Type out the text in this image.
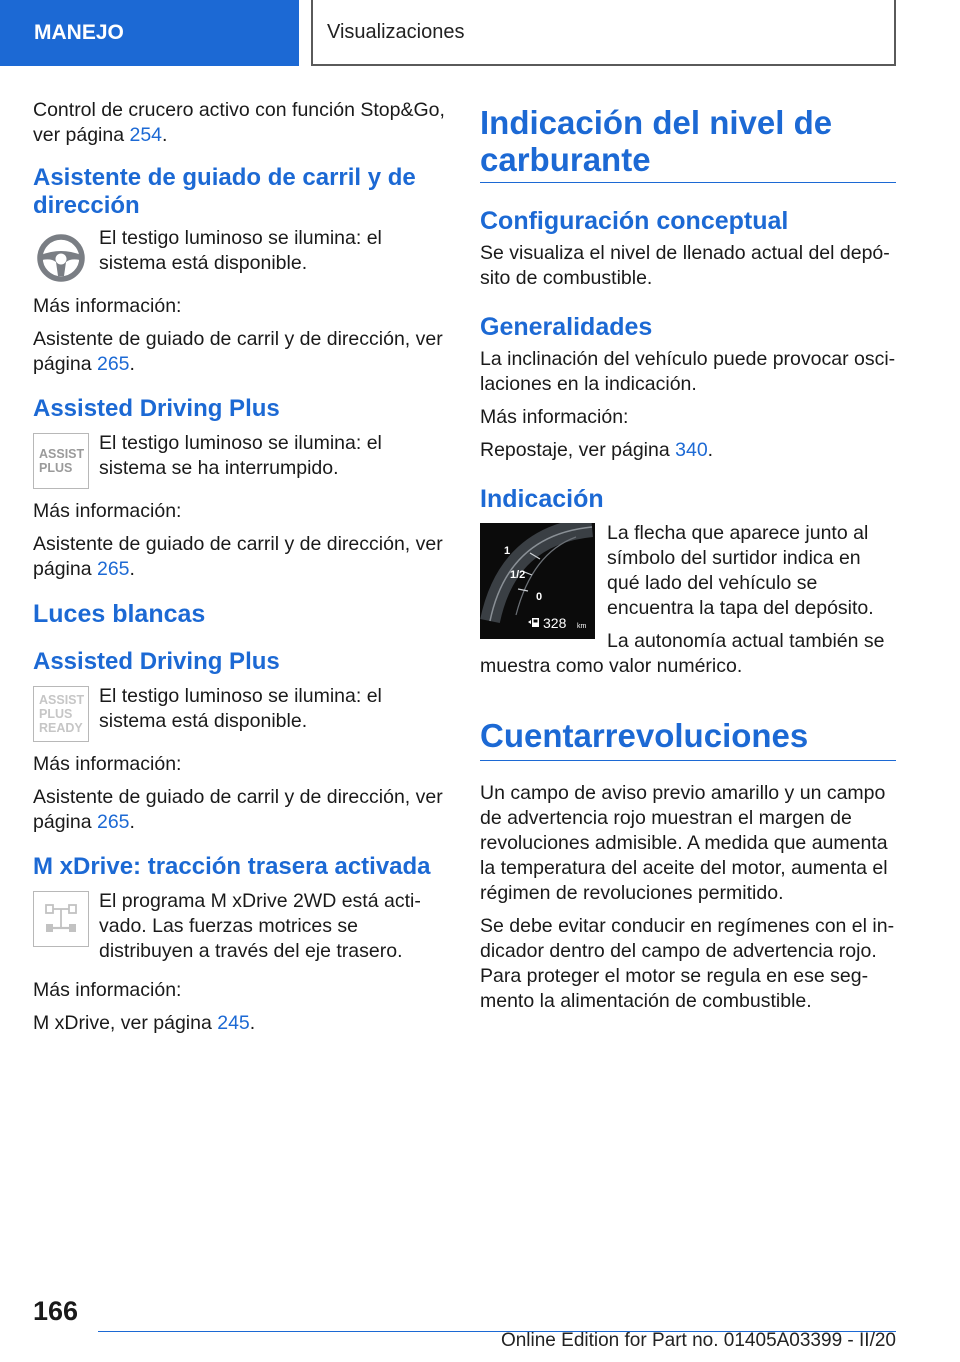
MANEJO	Visualizaciones

Control de crucero activo con función Stop&Go, ver página 254.

Asistente de guiado de carril y de dirección

El testigo luminoso se ilumina: el sistema está disponible.

Más información:

Asistente de guiado de carril y de dirección, ver página 265.

Assisted Driving Plus
ASSIST
PLUS

El testigo luminoso se ilumina: el sistema se ha interrumpido.

Más información:

Asistente de guiado de carril y de dirección, ver página 265.

Luces blancas
Assisted Driving Plus
ASSIST
PLUS
READY

El testigo luminoso se ilumina: el sistema está disponible.

Más información:

Asistente de guiado de carril y de dirección, ver página 265.

M xDrive: tracción trasera activada

El programa M xDrive 2WD está activado. Las fuerzas motrices se distribuyen a través del eje trasero.

Más información:

M xDrive, ver página 245.

Indicación del nivel de carburante
Configuración conceptual

Se visualiza el nivel de llenado actual del depósito de combustible.

Generalidades

La inclinación del vehículo puede provocar oscilaciones en la indicación.

Más información:

Repostaje, ver página 340.

Indicación
1
1/2
0
328 km

La flecha que aparece junto al símbolo del surtidor indica en qué lado del vehículo se encuentra la tapa del depósito.

La autonomía actual también se muestra como valor numérico.

Cuentarrevoluciones

Un campo de aviso previo amarillo y un campo de advertencia rojo muestran el margen de revoluciones admisible. A medida que aumenta la temperatura del aceite del motor, aumenta el régimen de revoluciones permitido.

Se debe evitar conducir en regímenes con el indicador dentro del campo de advertencia rojo. Para proteger el motor se regula en ese segmento la alimentación de combustible.

166
Online Edition for Part no. 01405A03399 - II/20
